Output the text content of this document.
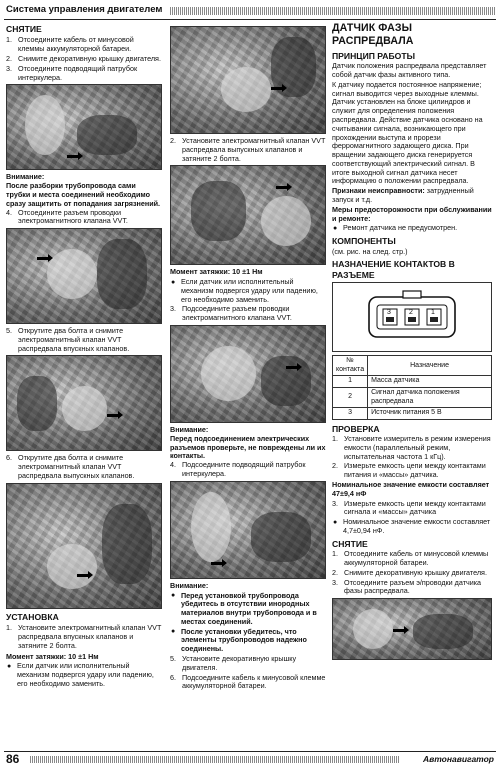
Система управления двигателем
СНЯТИЕ
1. Отсоедините кабель от минусовой клеммы аккумуляторной батареи.
2. Снимите декоративную крышку двигателя.
3. Отсоедините подводящий патрубок интеркулера.
Внимание:
После разборки трубопровода сами трубки и места соединений необходимо сразу защитить от попадания загрязнений.
4. Отсоедините разъем проводки электромагнитного клапана VVT.
5. Открутите два болта и снимите электромагнитный клапан VVT распредвала впускных клапанов.
6. Открутите два болта и снимите электромагнитный клапан VVT распредвала выпускных клапанов.
УСТАНОВКА
1. Установите электромагнитный клапан VVT распредвала впускных клапанов и затяните 2 болта.
Момент затяжки: 10 ±1 Нм
● Если датчик или исполнительный механизм подвергся удару или падению, его необходимо заменить.
2. Установите электромагнитный клапан VVT распредвала выпускных клапанов и затяните 2 болта.
Момент затяжки: 10 ±1 Нм
● Если датчик или исполнительный механизм подвергся удару или падению, его необходимо заменить.
3. Подсоедините разъем проводки электромагнитного клапана VVT.
Внимание:
Перед подсоединением электрических разъемов проверьте, не повреждены ли их контакты.
4. Подсоедините подводящий патрубок интеркулера.
Внимание:
● Перед установкой трубопровода убедитесь в отсутствии инородных материалов внутри трубопровода и в местах соединений.
● После установки убедитесь, что элементы трубопроводов надежно соединены.
5. Установите декоративную крышку двигателя.
6. Подсоедините кабель к минусовой клемме аккумуляторной батареи.
ДАТЧИК ФАЗЫ РАСПРЕДВАЛА
ПРИНЦИП РАБОТЫ

Датчик положения распредвала представляет собой датчик фазы активного типа.

К датчику подается постоянное напряжение; сигнал выводится через выходные клеммы. Датчик установлен на блоке цилиндров и служит для определения положения распредвала. Действие датчика основано на считывании сигнала, возникающего при прохождении выступа и прорези ферромагнитного задающего диска. При вращении задающего диска генерируется соответствующий электрический сигнал. В итоге выходной сигнал датчика несет информацию о положении распредвала.

Признаки неисправности: затрудненный запуск и т.д.

Меры предосторожности при обслуживании и ремонте:
● Ремонт датчика не предусмотрен.
КОМПОНЕНТЫ

(см. рис. на след. стр.)

НАЗНАЧЕНИЕ КОНТАКТОВ В РАЗЪЕМЕ
3	2	1
№ контакта	Назначение
1	Масса датчика
2	Сигнал датчика положения распредвала
3	Источник питания 5 В
ПРОВЕРКА
1. Установите измеритель в режим измерения емкости (параллельный режим, испытательная частота 1 кГц).
2. Измерьте емкость цепи между контактами питания и «массы» датчика.
Номинальное значение емкости составляет 47±9,4 нФ
3. Измерьте емкость цепи между контактами сигнала и «массы» датчика
● Номинальное значение емкости составляет 4,7±0,94 нФ.
СНЯТИЕ
1. Отсоедините кабель от минусовой клеммы аккумуляторной батареи.
2. Снимите декоративную крышку двигателя.
3. Отсоедините разъем э/проводки датчика фазы распредвала.
86	Автонавигатор
